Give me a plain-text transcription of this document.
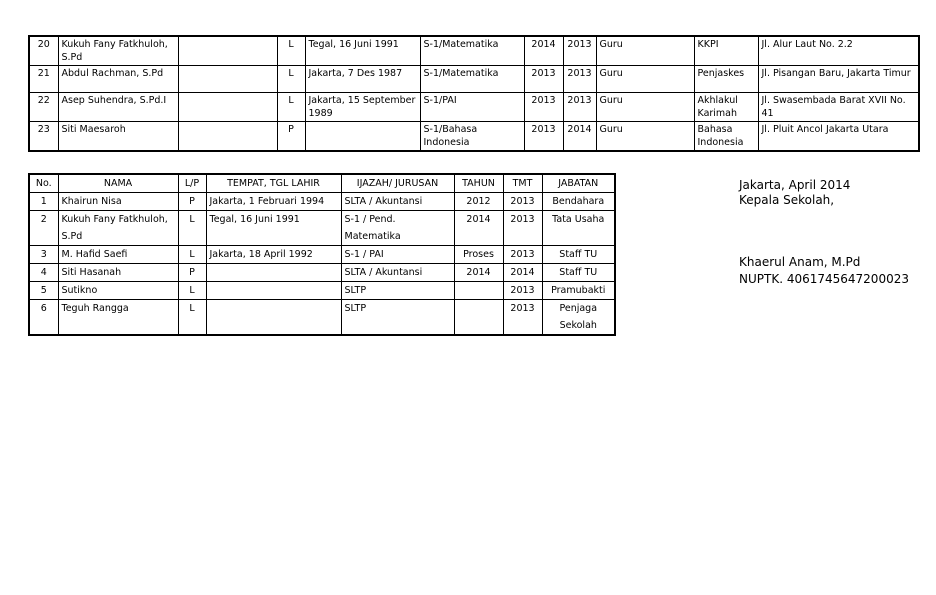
20	Kukuh Fany Fatkhuloh, S.Pd		L	Tegal, 16 Juni 1991	S-1/Matematika	2014	2013	Guru	KKPI	Jl. Alur Laut No. 2.2
21	Abdul Rachman, S.Pd		L	Jakarta, 7 Des 1987	S-1/Matematika	2013	2013	Guru	Penjaskes	Jl. Pisangan Baru, Jakarta Timur
22	Asep Suhendra, S.Pd.I		L	Jakarta, 15 September 1989	S-1/PAI	2013	2013	Guru	Akhlakul Karimah	Jl. Swasembada Barat XVII No. 41
23	Siti Maesaroh		P		S-1/Bahasa Indonesia	2013	2014	Guru	Bahasa Indonesia	Jl. Pluit Ancol Jakarta Utara
No.	NAMA	L/P	TEMPAT, TGL LAHIR	IJAZAH/ JURUSAN	TAHUN	TMT	JABATAN
1	Khairun Nisa	P	Jakarta, 1 Februari 1994	SLTA / Akuntansi	2012	2013	Bendahara
2	Kukuh Fany Fatkhuloh, S.Pd	L	Tegal, 16 Juni 1991	S-1 / Pend. Matematika	2014	2013	Tata Usaha
3	M. Hafid Saefi	L	Jakarta, 18 April 1992	S-1 / PAI	Proses	2013	Staff TU
4	Siti Hasanah	P		SLTA / Akuntansi	2014	2014	Staff TU
5	Sutikno	L		SLTP		2013	Pramubakti
6	Teguh Rangga	L		SLTP		2013	Penjaga Sekolah
Jakarta, April 2014
Kepala Sekolah,
Khaerul Anam, M.Pd
NUPTK. 4061745647200023
